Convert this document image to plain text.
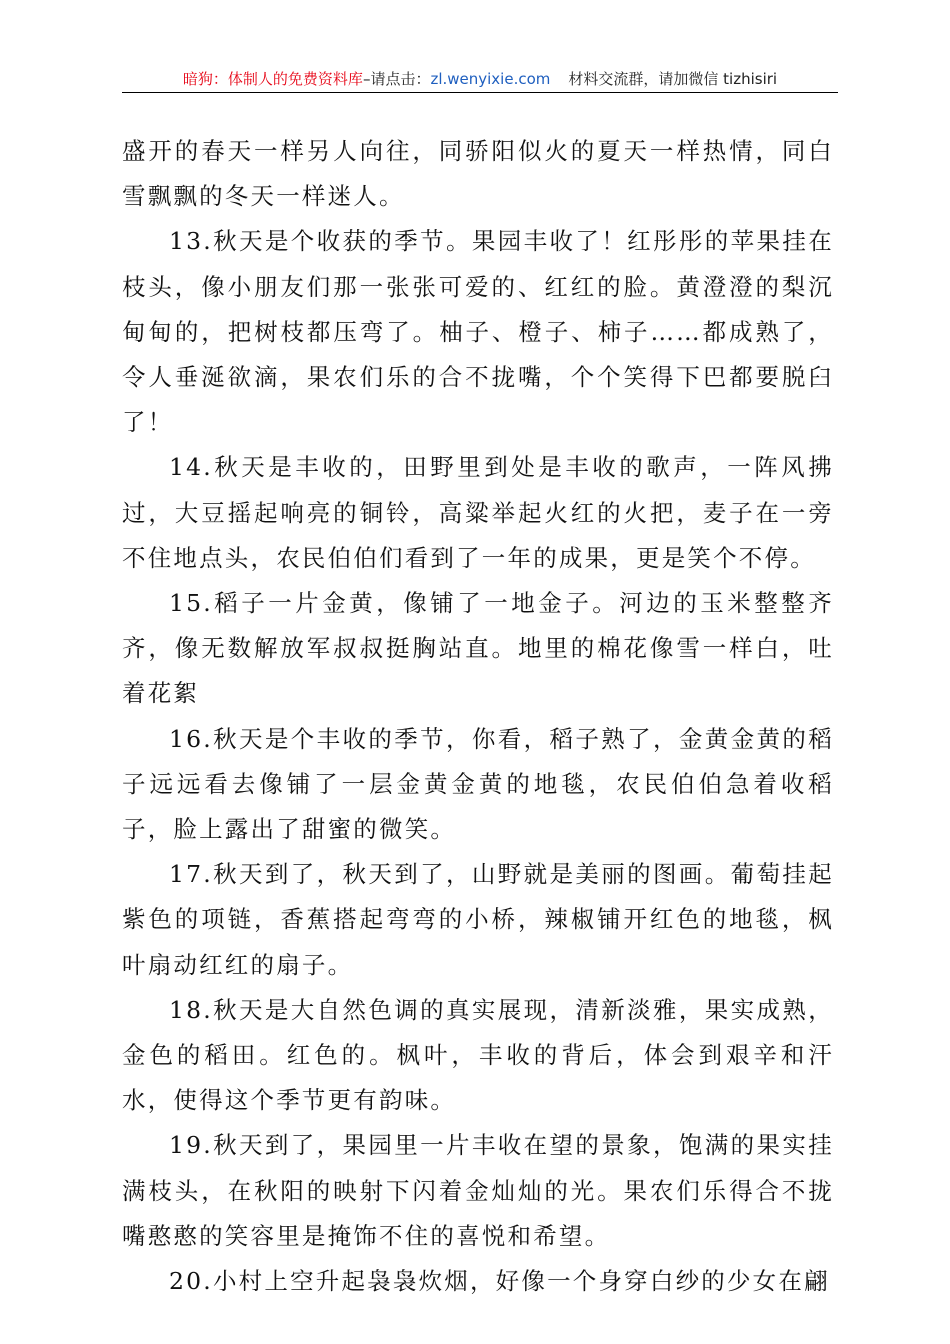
暗狗：体制人的免费资料库–请点击：zl.wenyixie.com 材料交流群，请加微信 tizhisiri

盛开的春天一样另人向往，同骄阳似火的夏天一样热情，同白雪飘飘的冬天一样迷人。

13.秋天是个收获的季节。果园丰收了！红彤彤的苹果挂在枝头，像小朋友们那一张张可爱的、红红的脸。黄澄澄的梨沉甸甸的，把树枝都压弯了。柚子、橙子、柿子……都成熟了，令人垂涎欲滴，果农们乐的合不拢嘴，个个笑得下巴都要脱臼了！

14.秋天是丰收的，田野里到处是丰收的歌声，一阵风拂过，大豆摇起响亮的铜铃，高粱举起火红的火把，麦子在一旁不住地点头，农民伯伯们看到了一年的成果，更是笑个不停。

15.稻子一片金黄，像铺了一地金子。河边的玉米整整齐齐，像无数解放军叔叔挺胸站直。地里的棉花像雪一样白，吐着花絮

16.秋天是个丰收的季节，你看，稻子熟了，金黄金黄的稻子远远看去像铺了一层金黄金黄的地毯，农民伯伯急着收稻子，脸上露出了甜蜜的微笑。

17.秋天到了，秋天到了，山野就是美丽的图画。葡萄挂起紫色的项链，香蕉搭起弯弯的小桥，辣椒铺开红色的地毯，枫叶扇动红红的扇子。

18.秋天是大自然色调的真实展现，清新淡雅，果实成熟，金色的稻田。红色的。枫叶，丰收的背后，体会到艰辛和汗水，使得这个季节更有韵味。

19.秋天到了，果园里一片丰收在望的景象，饱满的果实挂满枝头，在秋阳的映射下闪着金灿灿的光。果农们乐得合不拢嘴憨憨的笑容里是掩饰不住的喜悦和希望。

20.小村上空升起袅袅炊烟，好像一个身穿白纱的少女在翩
